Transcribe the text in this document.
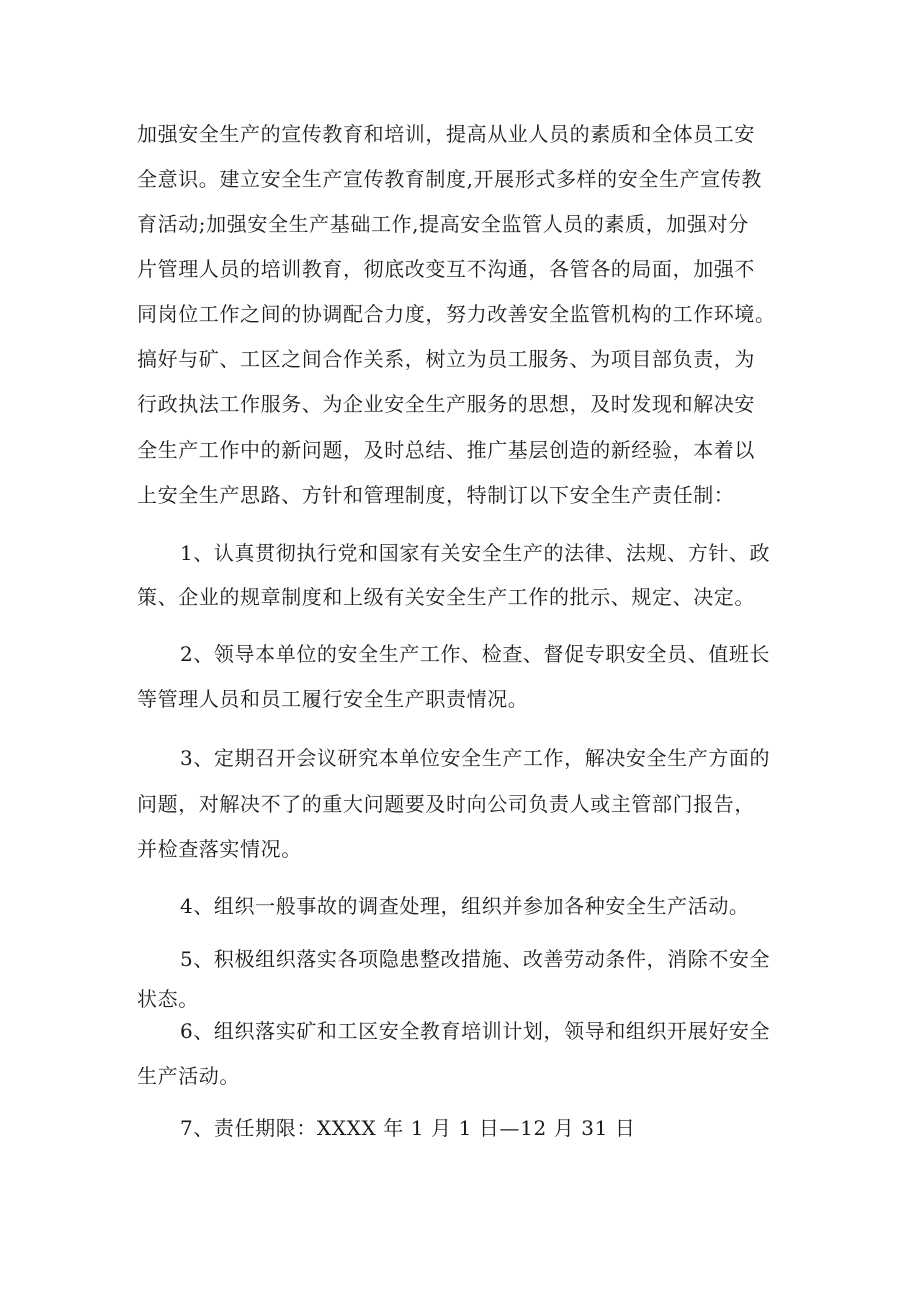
加强安全生产的宣传教育和培训，提高从业人员的素质和全体员工安
全意识。建立安全生产宣传教育制度,开展形式多样的安全生产宣传教
育活动;加强安全生产基础工作,提高安全监管人员的素质，加强对分
片管理人员的培训教育，彻底改变互不沟通，各管各的局面，加强不
同岗位工作之间的协调配合力度，努力改善安全监管机构的工作环境。
搞好与矿、工区之间合作关系，树立为员工服务、为项目部负责，为
行政执法工作服务、为企业安全生产服务的思想，及时发现和解决安
全生产工作中的新问题，及时总结、推广基层创造的新经验，本着以
上安全生产思路、方针和管理制度，特制订以下安全生产责任制：
1、认真贯彻执行党和国家有关安全生产的法律、法规、方针、政
策、企业的规章制度和上级有关安全生产工作的批示、规定、决定。
2、领导本单位的安全生产工作、检查、督促专职安全员、值班长
等管理人员和员工履行安全生产职责情况。
3、定期召开会议研究本单位安全生产工作，解决安全生产方面的
问题，对解决不了的重大问题要及时向公司负责人或主管部门报告，
并检查落实情况。
4、组织一般事故的调查处理，组织并参加各种安全生产活动。
5、积极组织落实各项隐患整改措施、改善劳动条件，消除不安全
状态。
6、组织落实矿和工区安全教育培训计划，领导和组织开展好安全
生产活动。
7、责任期限：XXXX 年 1 月 1 日—12 月 31 日
